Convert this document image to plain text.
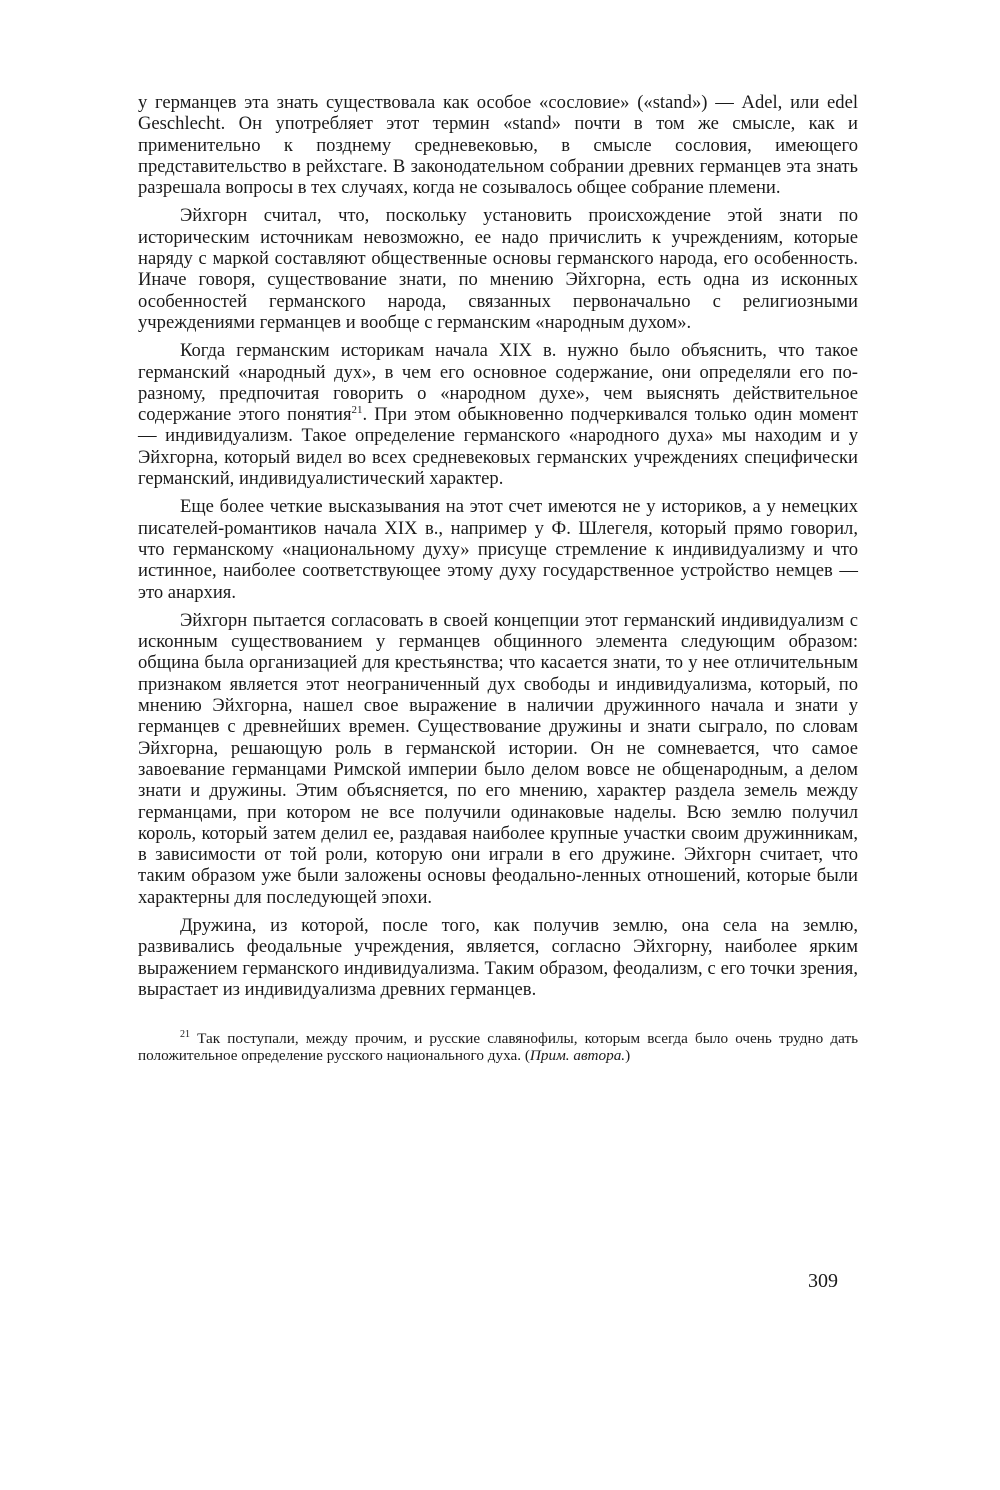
у германцев эта знать существовала как особое «сословие» («stand») — Adel, или edel Geschlecht. Он употребляет этот термин «stand» почти в том же смысле, как и применительно к позднему средневековью, в смысле сословия, имеющего представительство в рейхстаге. В законодательном собрании древних германцев эта знать разрешала вопросы в тех случаях, когда не созывалось общее собрание племени.

Эйхгорн считал, что, поскольку установить происхождение этой знати по историческим источникам невозможно, ее надо причислить к учреждениям, которые наряду с маркой составляют общественные основы германского народа, его особенность. Иначе говоря, существование знати, по мнению Эйхгорна, есть одна из исконных особенностей германского народа, связанных первоначально с религиозными учреждениями германцев и вообще с германским «народным духом».

Когда германским историкам начала XIX в. нужно было объяснить, что такое германский «народный дух», в чем его основное содержание, они определяли его по-разному, предпочитая говорить о «народном духе», чем выяснять действительное содержание этого понятия$^{21}$. При этом обыкновенно подчеркивался только один момент — индивидуализм. Такое определение германского «народного духа» мы находим и у Эйхгорна, который видел во всех средневековых германских учреждениях специфически германский, индивидуалистический характер.

Еще более четкие высказывания на этот счет имеются не у историков, а у немецких писателей-романтиков начала XIX в., например у Ф. Шлегеля, который прямо говорил, что германскому «национальному духу» присуще стремление к индивидуализму и что истинное, наиболее соответствующее этому духу государственное устройство немцев — это анархия.

Эйхгорн пытается согласовать в своей концепции этот германский индивидуализм с исконным существованием у германцев общинного элемента следующим образом: община была организацией для крестьянства; что касается знати, то у нее отличительным признаком является этот неограниченный дух свободы и индивидуализма, который, по мнению Эйхгорна, нашел свое выражение в наличии дружинного начала и знати у германцев с древнейших времен. Существование дружины и знати сыграло, по словам Эйхгорна, решающую роль в германской истории. Он не сомневается, что самое завоевание германцами Римской империи было делом вовсе не общенародным, а делом знати и дружины. Этим объясняется, по его мнению, характер раздела земель между германцами, при котором не все получили одинаковые наделы. Всю землю получил король, который затем делил ее, раздавая наиболее крупные участки своим дружинникам, в зависимости от той роли, которую они играли в его дружине. Эйхгорн считает, что таким образом уже были заложены основы феодально-ленных отношений, которые были характерны для последующей эпохи.

Дружина, из которой, после того, как получив землю, она села на землю, развивались феодальные учреждения, является, согласно Эйхгорну, наиболее ярким выражением германского индивидуализма. Таким образом, феодализм, с его точки зрения, вырастает из индивидуализма древних германцев.

$^{21}$ Так поступали, между прочим, и русские славянофилы, которым всегда было очень трудно дать положительное определение русского национального духа. (Прим. автора.)

309
